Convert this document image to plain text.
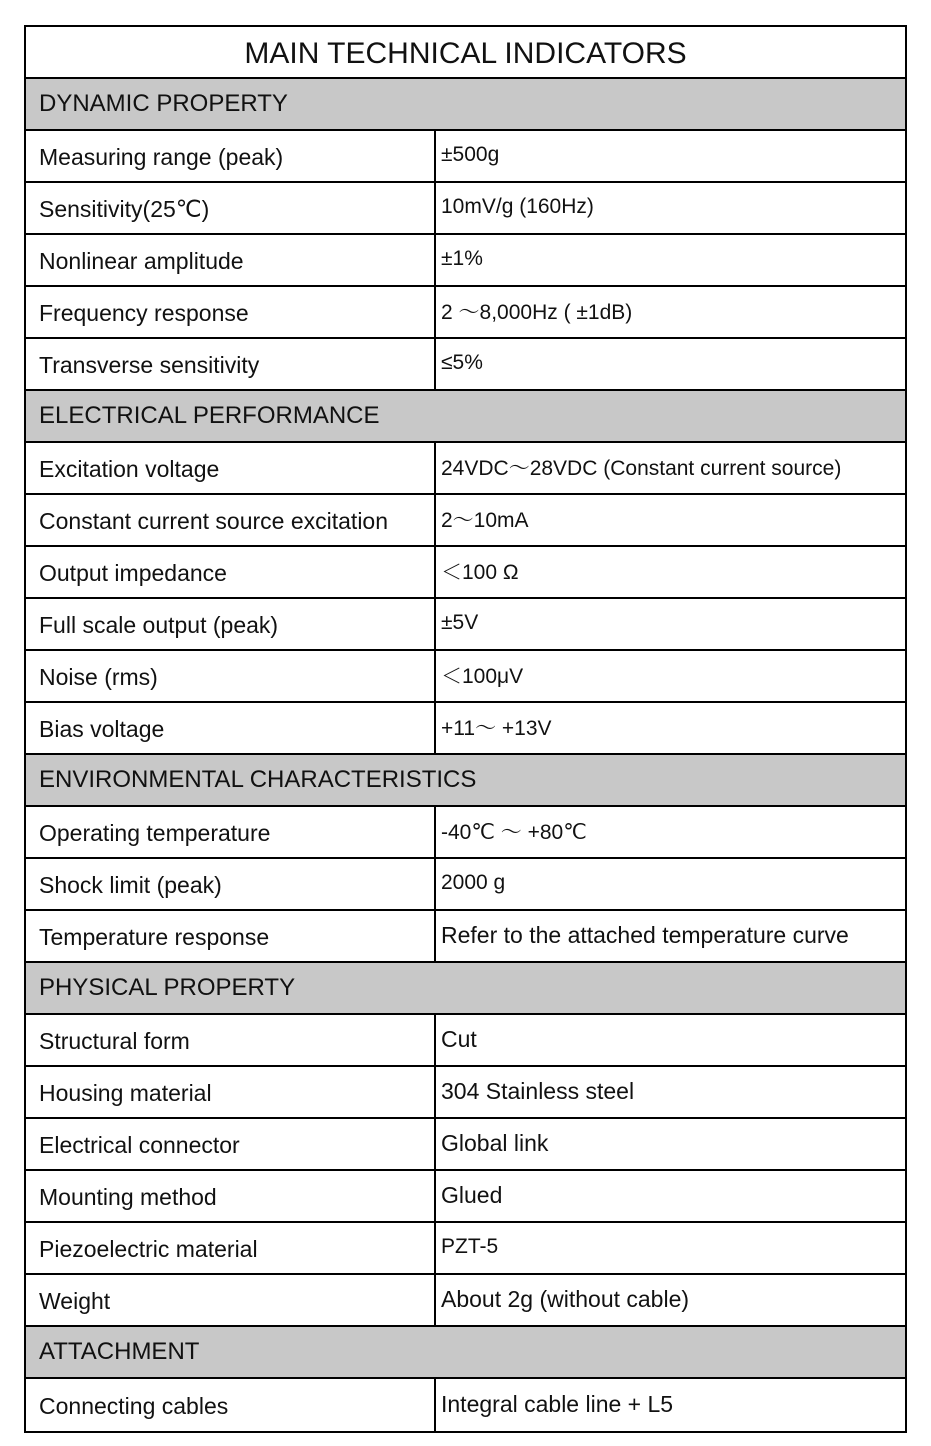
MAIN TECHNICAL INDICATORS
DYNAMIC PROPERTY
Measuring range (peak)	±500g
Sensitivity(25℃)	10mV/g (160Hz)
Nonlinear amplitude	±1%
Frequency response	2 ～8,000Hz ( ±1dB)
Transverse sensitivity	≤5%
ELECTRICAL PERFORMANCE
Excitation voltage	24VDC～28VDC (Constant current source)
Constant current source excitation	2～10mA
Output impedance	＜100 Ω
Full scale output (peak)	±5V
Noise (rms)	＜100μV
Bias voltage	+11～ +13V
ENVIRONMENTAL CHARACTERISTICS
Operating temperature	-40℃ ～ +80℃
Shock limit (peak)	2000 g
Temperature response	Refer to the attached temperature curve
PHYSICAL PROPERTY
Structural form	Cut
Housing material	304 Stainless steel
Electrical connector	Global link
Mounting method	Glued
Piezoelectric material	PZT-5
Weight	About 2g (without cable)
ATTACHMENT
Connecting cables	Integral cable line + L5
